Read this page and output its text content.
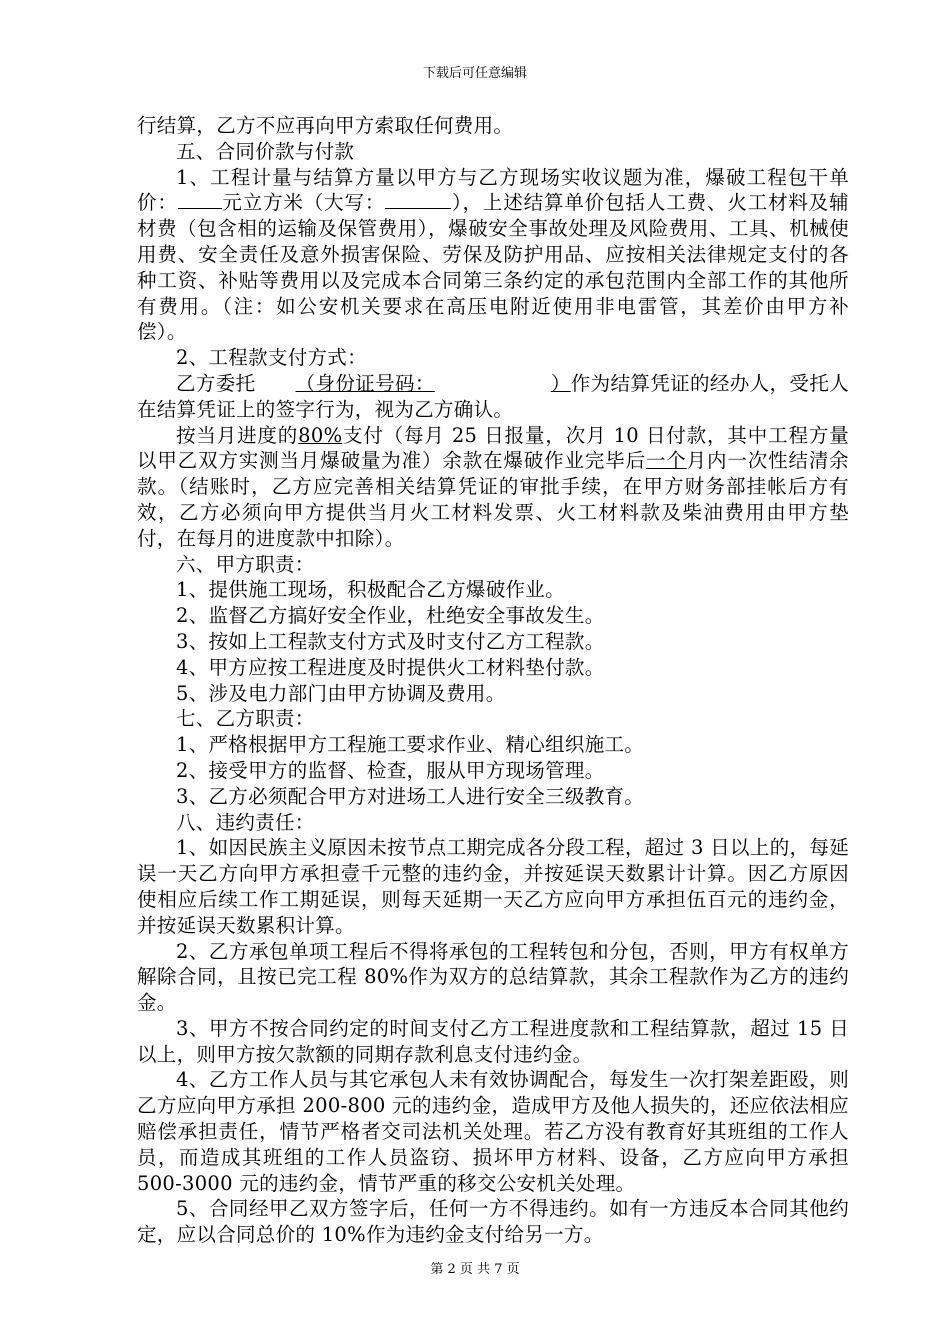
下载后可任意编辑

行结算，乙方不应再向甲方索取任何费用。

五、合同价款与付款

1、工程计量与结算方量以甲方与乙方现场实收议题为准，爆破工程包干单价： 元立方米（大写：	），上述结算单价包括人工费、火工材料及辅材费（包含相的运输及保管费用），爆破安全事故处理及风险费用、工具、机械使用费、安全责任及意外损害保险、劳保及防护用品、应按相关法律规定支付的各种工资、补贴等费用以及完成本合同第三条约定的承包范围内全部工作的其他所有费用。（注：如公安机关要求在高压电附近使用非电雷管，其差价由甲方补偿）。

2、工程款支付方式：

乙方委托 （身份证号码：	）作为结算凭证的经办人，受托人在结算凭证上的签字行为，视为乙方确认。

按当月进度的80%支付（每月 25 日报量，次月 10 日付款，其中工程方量以甲乙双方实测当月爆破量为准）余款在爆破作业完毕后一个月内一次性结清余款。（结账时，乙方应完善相关结算凭证的审批手续，在甲方财务部挂帐后方有效，乙方必须向甲方提供当月火工材料发票、火工材料款及柴油费用由甲方垫付，在每月的进度款中扣除）。

六、甲方职责：

1、提供施工现场，积极配合乙方爆破作业。

2、监督乙方搞好安全作业，杜绝安全事故发生。

3、按如上工程款支付方式及时支付乙方工程款。

4、甲方应按工程进度及时提供火工材料垫付款。

5、涉及电力部门由甲方协调及费用。

七、乙方职责：

1、严格根据甲方工程施工要求作业、精心组织施工。

2、接受甲方的监督、检查，服从甲方现场管理。

3、乙方必须配合甲方对进场工人进行安全三级教育。

八、违约责任：

1、如因民族主义原因未按节点工期完成各分段工程，超过 3 日以上的，每延误一天乙方向甲方承担壹千元整的违约金，并按延误天数累计计算。因乙方原因使相应后续工作工期延误，则每天延期一天乙方应向甲方承担伍百元的违约金，并按延误天数累积计算。

2、乙方承包单项工程后不得将承包的工程转包和分包，否则，甲方有权单方解除合同，且按已完工程 80%作为双方的总结算款，其余工程款作为乙方的违约金。

3、甲方不按合同约定的时间支付乙方工程进度款和工程结算款，超过 15 日以上，则甲方按欠款额的同期存款利息支付违约金。

4、乙方工作人员与其它承包人未有效协调配合，每发生一次打架差距殴，则乙方应向甲方承担 200-800 元的违约金，造成甲方及他人损失的，还应依法相应赔偿承担责任，情节严格者交司法机关处理。若乙方没有教育好其班组的工作人员，而造成其班组的工作人员盗窃、损坏甲方材料、设备，乙方应向甲方承担 500-3000 元的违约金，情节严重的移交公安机关处理。

5、合同经甲乙双方签字后，任何一方不得违约。如有一方违反本合同其他约定，应以合同总价的 10%作为违约金支付给另一方。

第 2 页 共 7 页
